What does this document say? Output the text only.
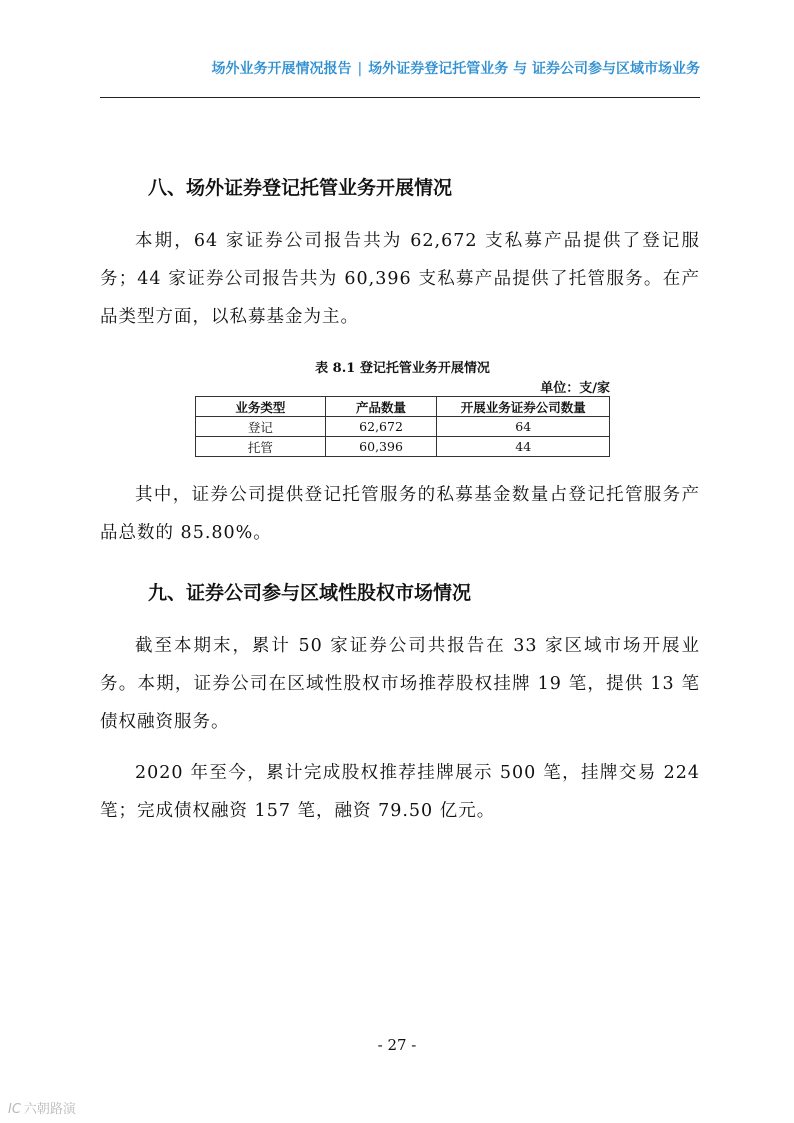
场外业务开展情况报告 | 场外证券登记托管业务 与 证券公司参与区域市场业务
八、场外证券登记托管业务开展情况

本期，64 家证券公司报告共为 62,672 支私募产品提供了登记服务；44 家证券公司报告共为 60,396 支私募产品提供了托管服务。在产品类型方面，以私募基金为主。

表 8.1 登记托管业务开展情况

单位：支/家

业务类型	产品数量	开展业务证券公司数量
登记	62,672	64
托管	60,396	44

其中，证券公司提供登记托管服务的私募基金数量占登记托管服务产品总数的 85.80%。

九、证券公司参与区域性股权市场情况

截至本期末，累计 50 家证券公司共报告在 33 家区域市场开展业务。本期，证券公司在区域性股权市场推荐股权挂牌 19 笔，提供 13 笔债权融资服务。

2020 年至今，累计完成股权推荐挂牌展示 500 笔，挂牌交易 224 笔；完成债权融资 157 笔，融资 79.50 亿元。

- 27 -
IC 六朝路演
